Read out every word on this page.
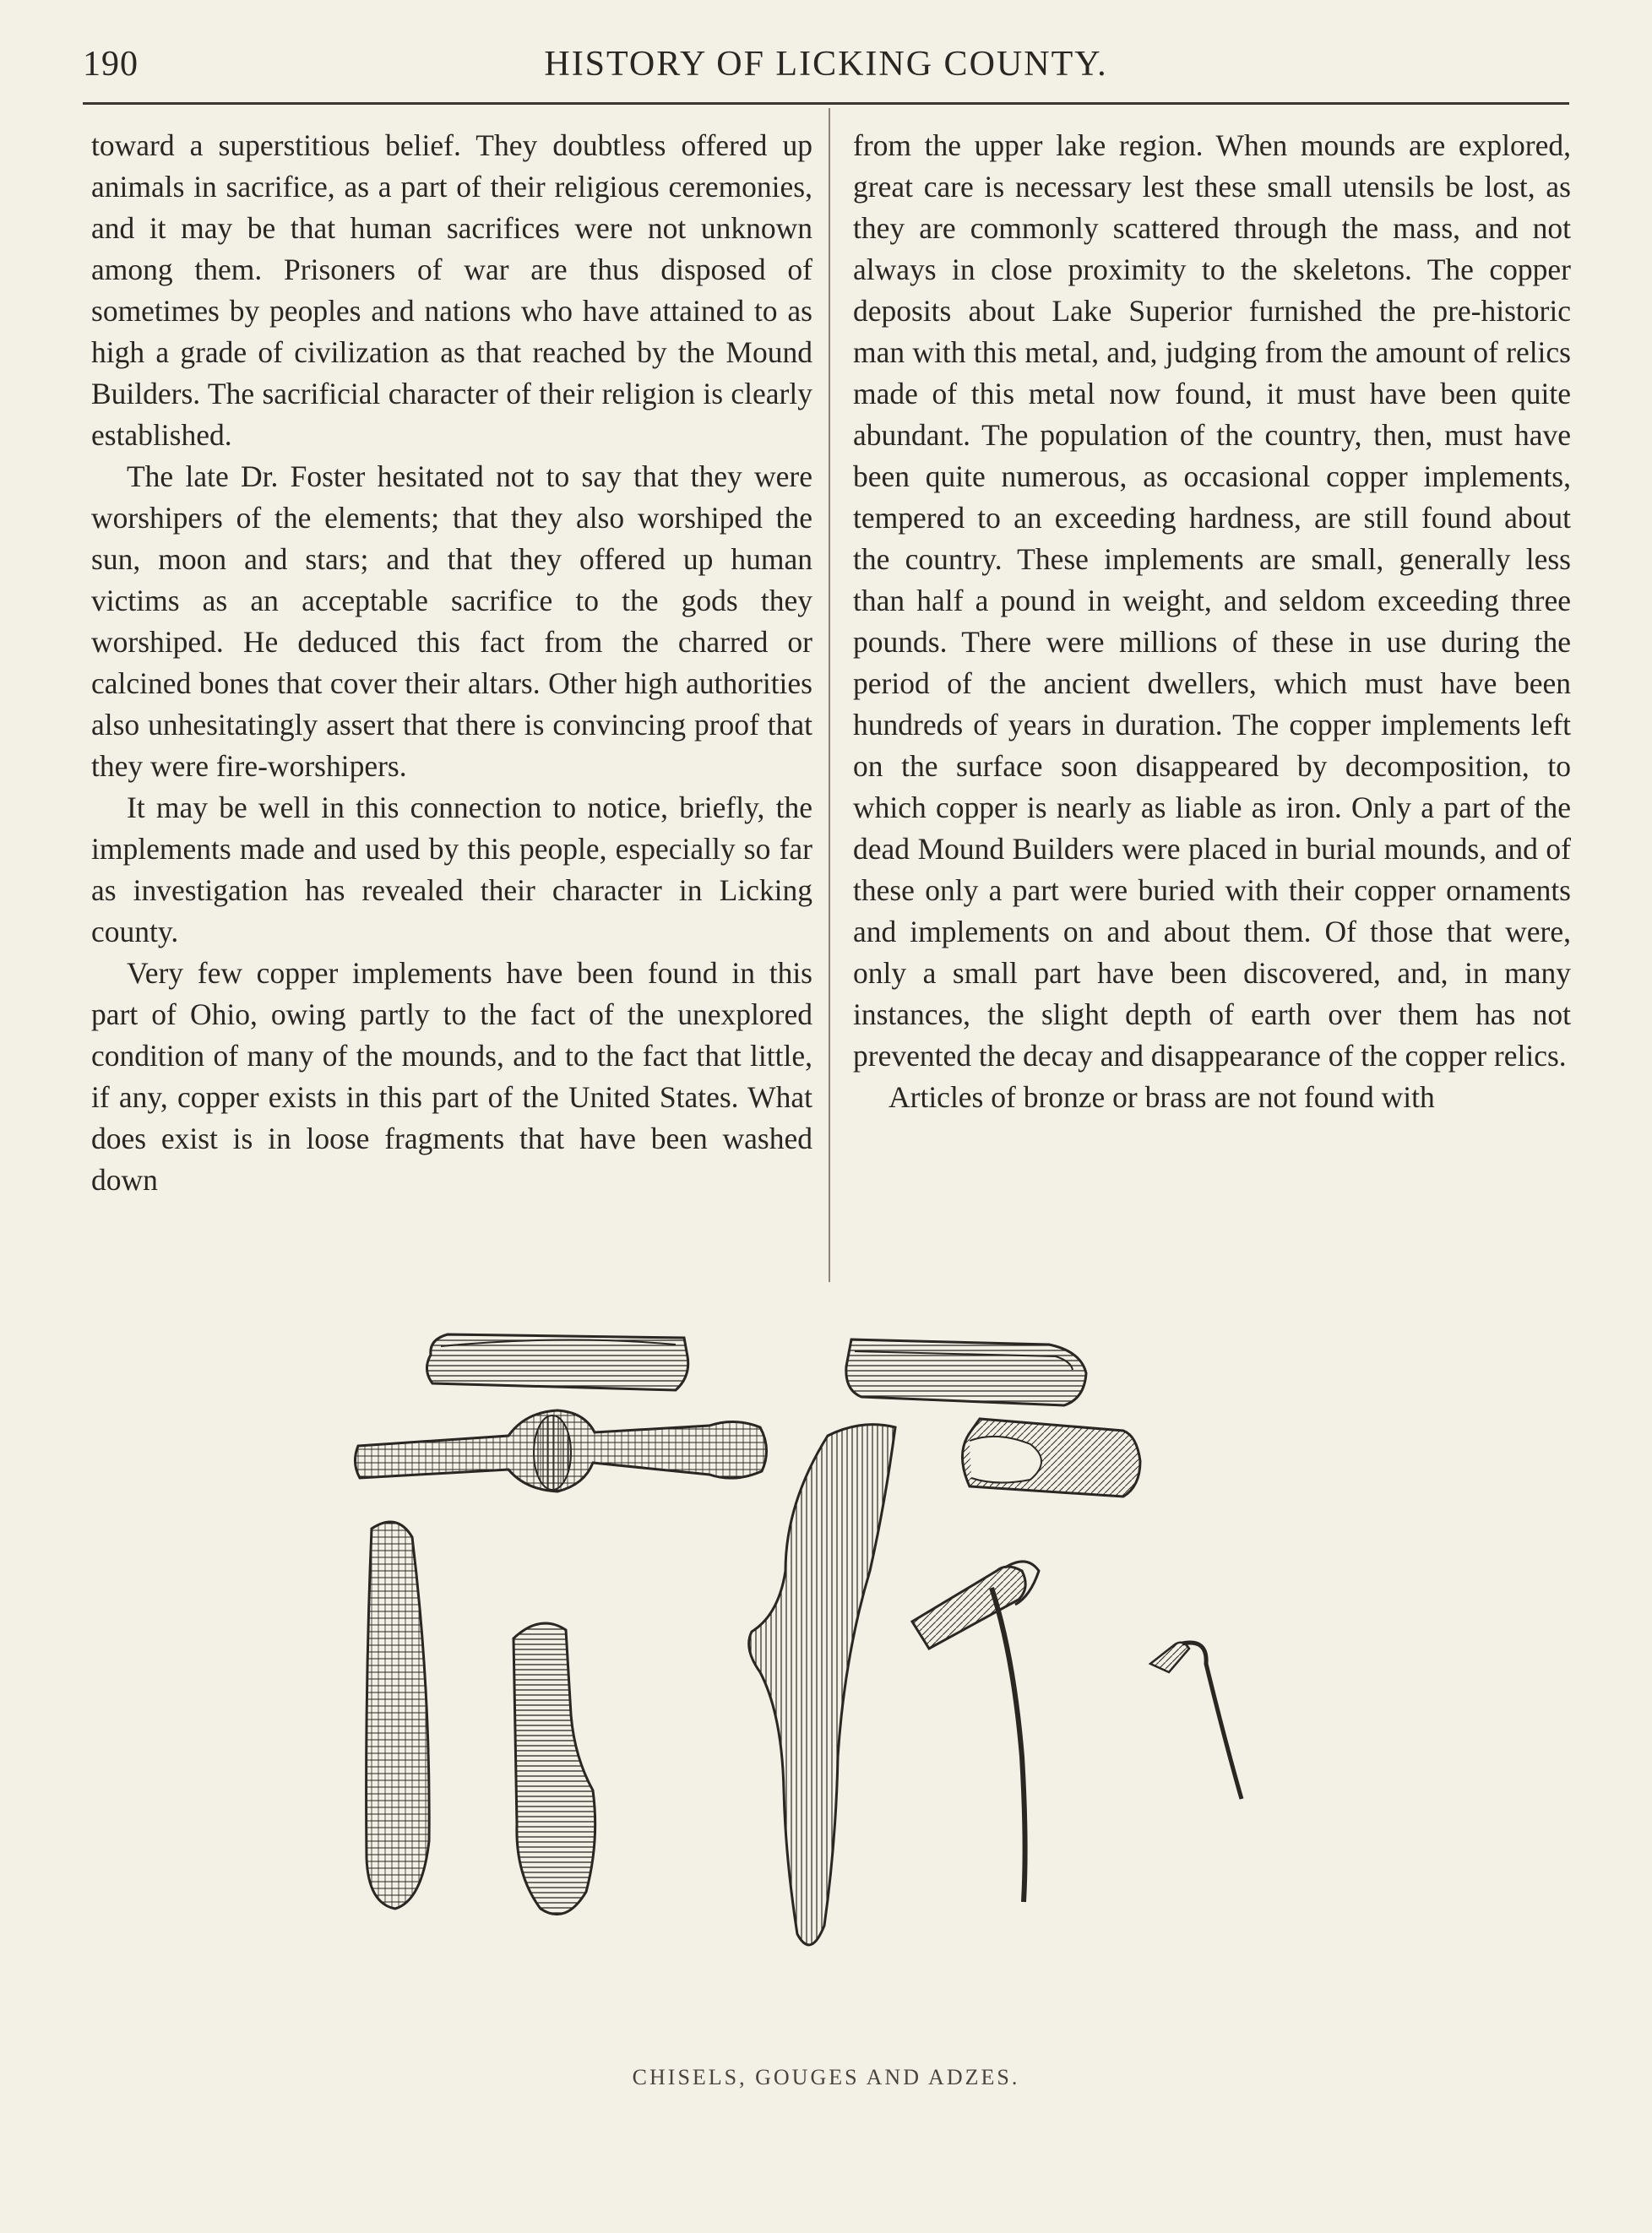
190	HISTORY OF LICKING COUNTY.

toward a superstitious belief. They doubtless offered up animals in sacrifice, as a part of their religious ceremonies, and it may be that human sacrifices were not unknown among them. Prisoners of war are thus disposed of sometimes by peoples and nations who have attained to as high a grade of civilization as that reached by the Mound Builders. The sacrificial character of their religion is clearly established.

The late Dr. Foster hesitated not to say that they were worshipers of the elements; that they also worshiped the sun, moon and stars; and that they offered up human victims as an acceptable sacrifice to the gods they worshiped. He deduced this fact from the charred or calcined bones that cover their altars. Other high authorities also unhesitatingly assert that there is convincing proof that they were fire-worshipers.

It may be well in this connection to notice, briefly, the implements made and used by this people, especially so far as investigation has revealed their character in Licking county.

Very few copper implements have been found in this part of Ohio, owing partly to the fact of the unexplored condition of many of the mounds, and to the fact that little, if any, copper exists in this part of the United States. What does exist is in loose fragments that have been washed down

from the upper lake region. When mounds are explored, great care is necessary lest these small utensils be lost, as they are commonly scattered through the mass, and not always in close proximity to the skeletons. The copper deposits about Lake Superior furnished the pre-historic man with this metal, and, judging from the amount of relics made of this metal now found, it must have been quite abundant. The population of the country, then, must have been quite numerous, as occasional copper implements, tempered to an exceeding hardness, are still found about the country. These implements are small, generally less than half a pound in weight, and seldom exceeding three pounds. There were millions of these in use during the period of the ancient dwellers, which must have been hundreds of years in duration. The copper implements left on the surface soon disappeared by decomposition, to which copper is nearly as liable as iron. Only a part of the dead Mound Builders were placed in burial mounds, and of these only a part were buried with their copper ornaments and implements on and about them. Of those that were, only a small part have been discovered, and, in many instances, the slight depth of earth over them has not prevented the decay and disappearance of the copper relics.

Articles of bronze or brass are not found with

CHISELS, GOUGES AND ADZES.
